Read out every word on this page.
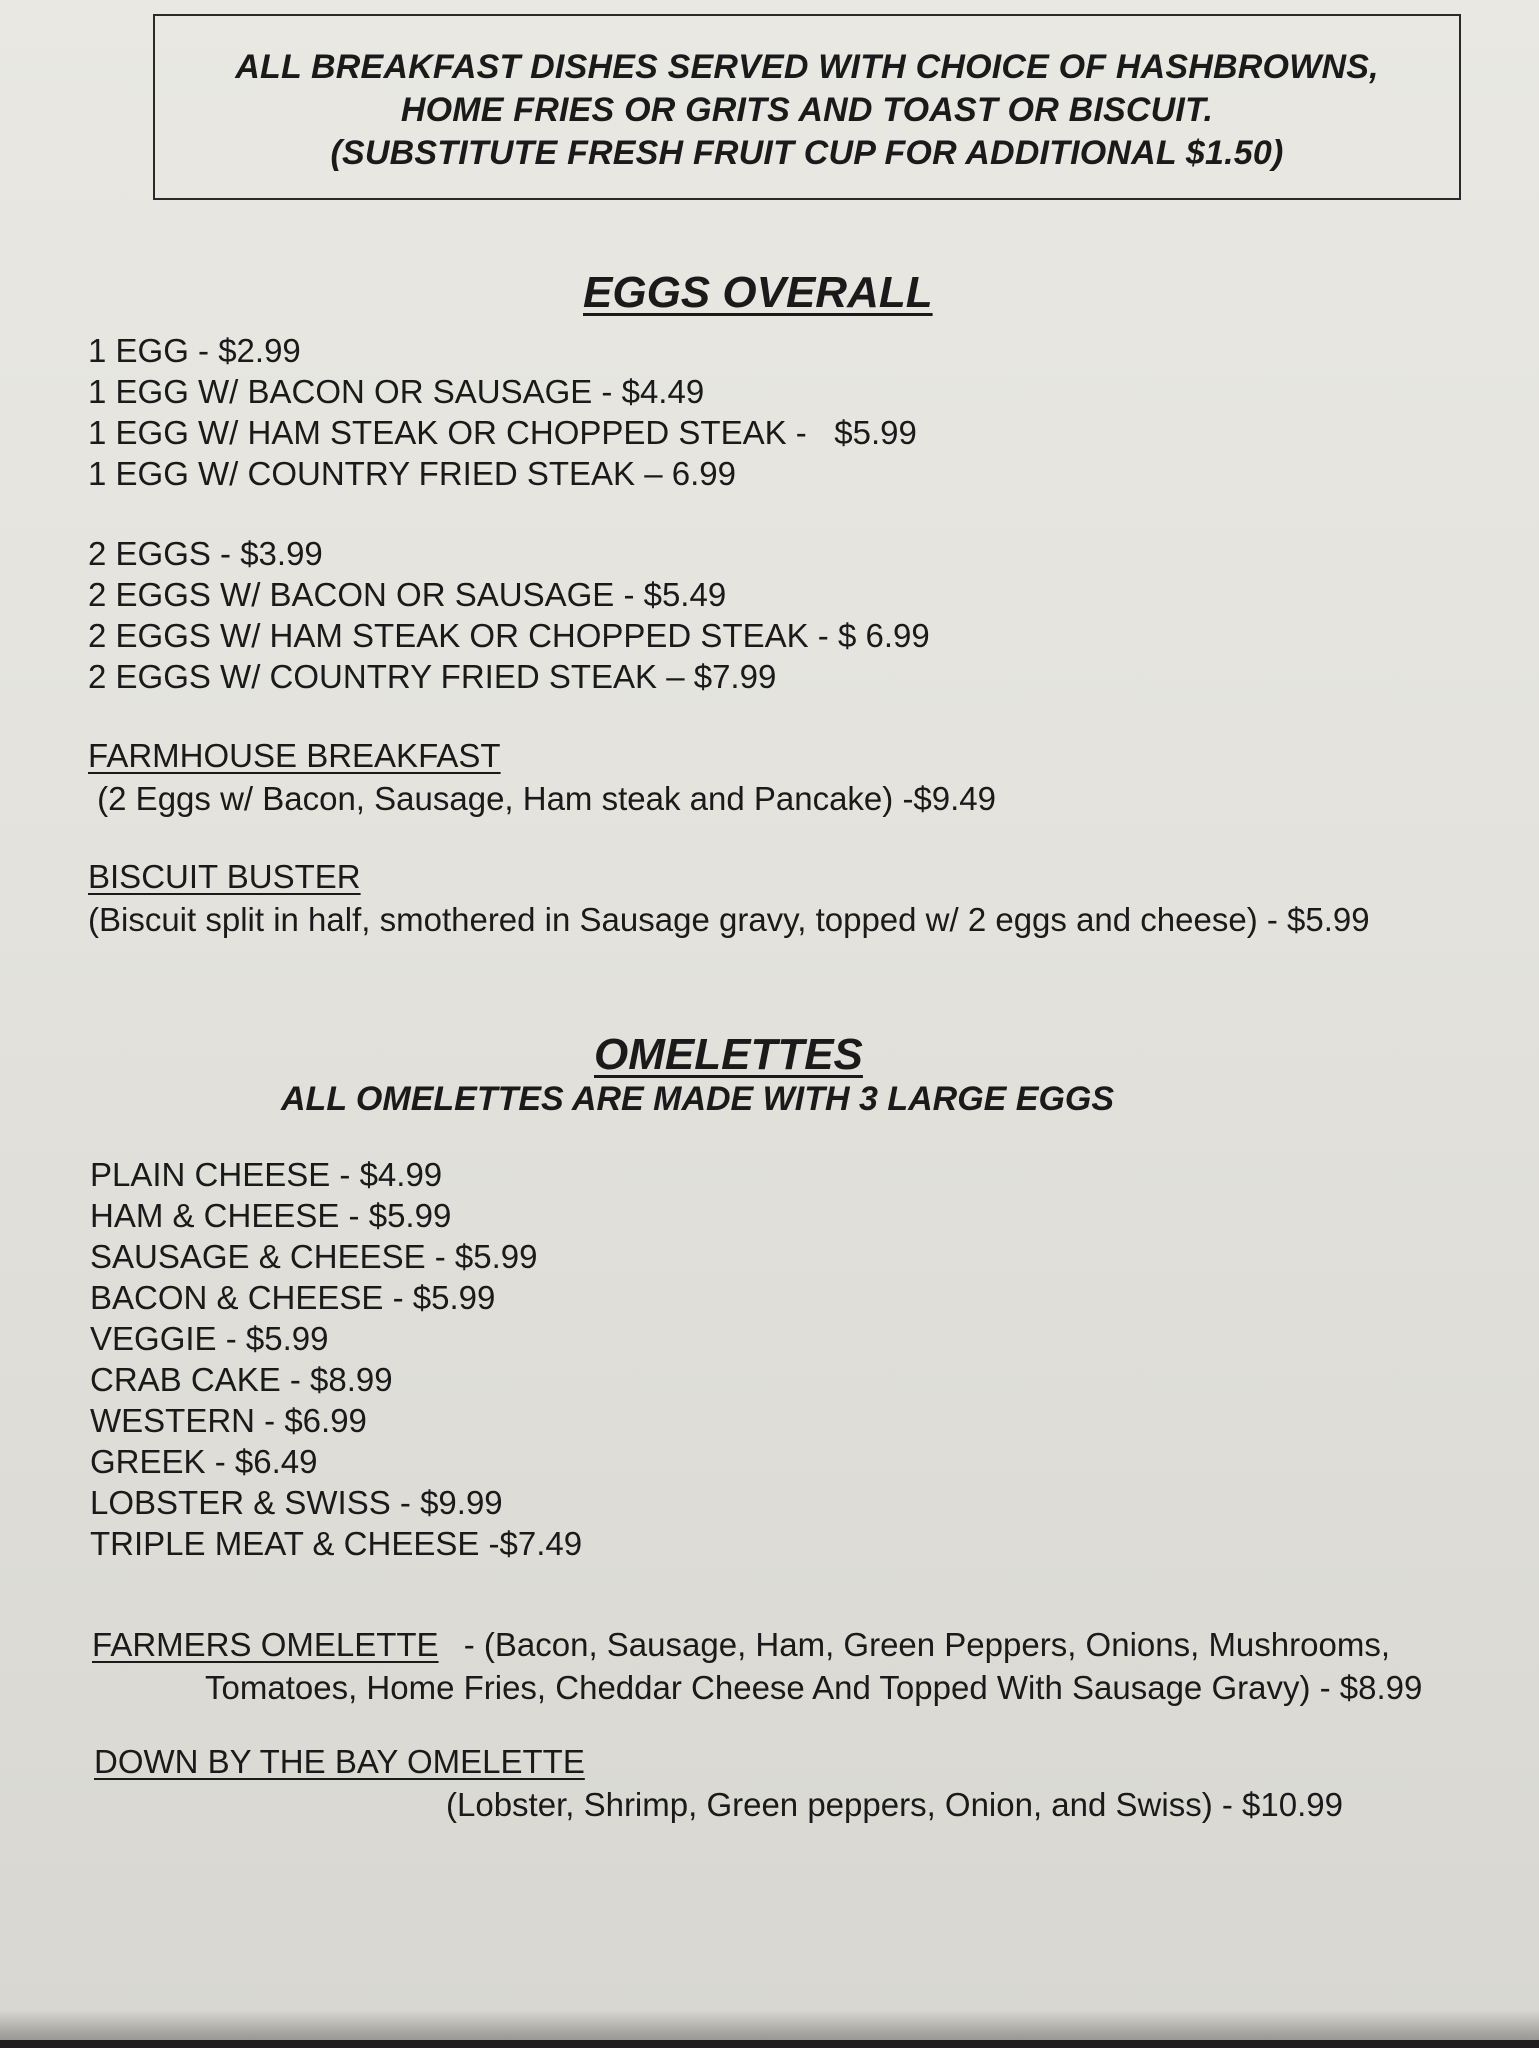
ALL BREAKFAST DISHES SERVED WITH CHOICE OF HASHBROWNS,
HOME FRIES OR GRITS AND TOAST OR BISCUIT.
(SUBSTITUTE FRESH FRUIT CUP FOR ADDITIONAL $1.50)
EGGS OVERALL
1 EGG - $2.99
1 EGG W/ BACON OR SAUSAGE - $4.49
1 EGG W/ HAM STEAK OR CHOPPED STEAK -   $5.99
1 EGG W/ COUNTRY FRIED STEAK – 6.99
2 EGGS - $3.99
2 EGGS W/ BACON OR SAUSAGE - $5.49
2 EGGS W/ HAM STEAK OR CHOPPED STEAK - $ 6.99
2 EGGS W/ COUNTRY FRIED STEAK – $7.99
FARMHOUSE BREAKFAST
(2 Eggs w/ Bacon, Sausage, Ham steak and Pancake) -$9.49
BISCUIT BUSTER
(Biscuit split in half, smothered in Sausage gravy, topped w/ 2 eggs and cheese) - $5.99
OMELETTES
ALL OMELETTES ARE MADE WITH 3 LARGE EGGS
PLAIN CHEESE - $4.99
HAM & CHEESE - $5.99
SAUSAGE & CHEESE - $5.99
BACON & CHEESE - $5.99
VEGGIE - $5.99
CRAB CAKE - $8.99
WESTERN - $6.99
GREEK - $6.49
LOBSTER & SWISS - $9.99
TRIPLE MEAT & CHEESE -$7.49
FARMERS OMELETTE - (Bacon, Sausage, Ham, Green Peppers, Onions, Mushrooms,
Tomatoes, Home Fries, Cheddar Cheese And Topped With Sausage Gravy) - $8.99
DOWN BY THE BAY OMELETTE
(Lobster, Shrimp, Green peppers, Onion, and Swiss) - $10.99
